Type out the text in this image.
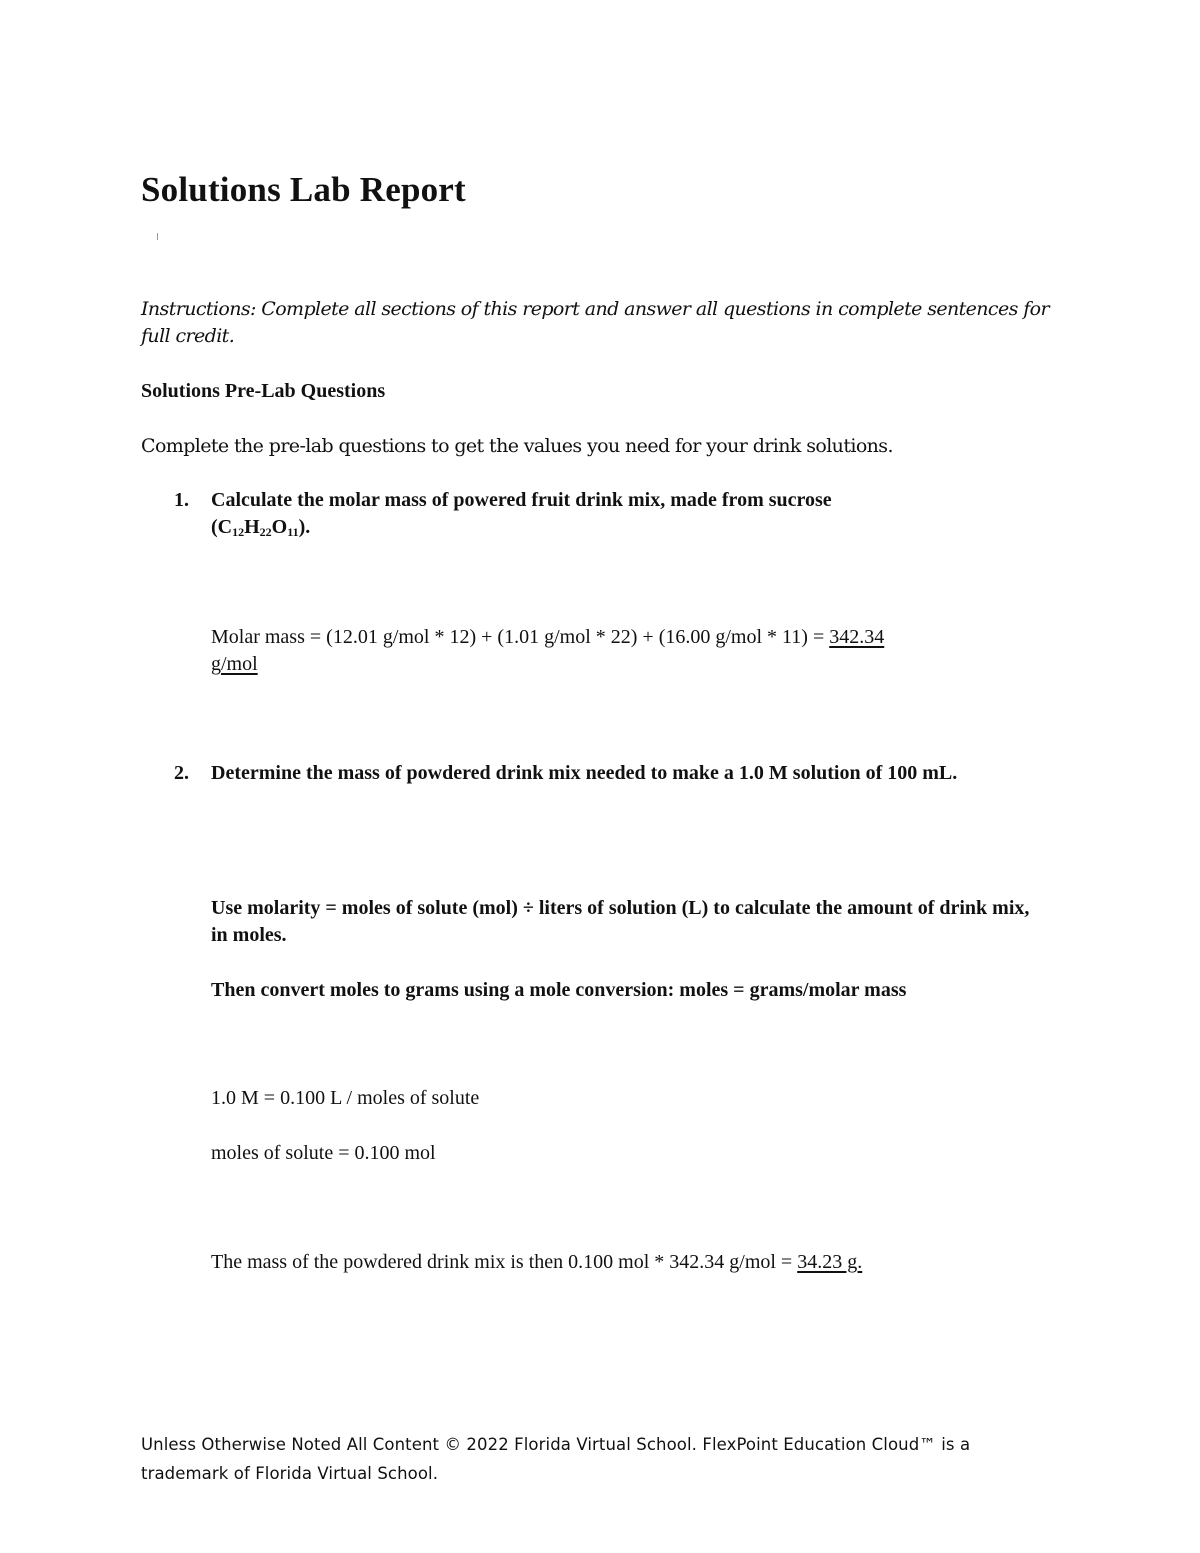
Solutions Lab Report
Instructions: Complete all sections of this report and answer all questions in complete sentences for full credit.
Solutions Pre-Lab Questions
Complete the pre-lab questions to get the values you need for your drink solutions.
1. Calculate the molar mass of powered fruit drink mix, made from sucrose
$(C_{12}H_{22}O_{11})$.
Molar mass = (12.01 g/mol * 12) + (1.01 g/mol * 22) + (16.00 g/mol * 11) = 342.34
g/mol
2. Determine the mass of powdered drink mix needed to make a 1.0 M solution of 100 mL.
Use molarity = moles of solute (mol) ÷ liters of solution (L) to calculate the amount of drink mix, in moles.
Then convert moles to grams using a mole conversion: moles = grams/molar mass
1.0 M = 0.100 L / moles of solute
moles of solute = 0.100 mol
The mass of the powdered drink mix is then 0.100 mol * 342.34 g/mol = 34.23 g.
Unless Otherwise Noted All Content © 2022 Florida Virtual School. FlexPoint Education Cloud™ is a trademark of Florida Virtual School.
